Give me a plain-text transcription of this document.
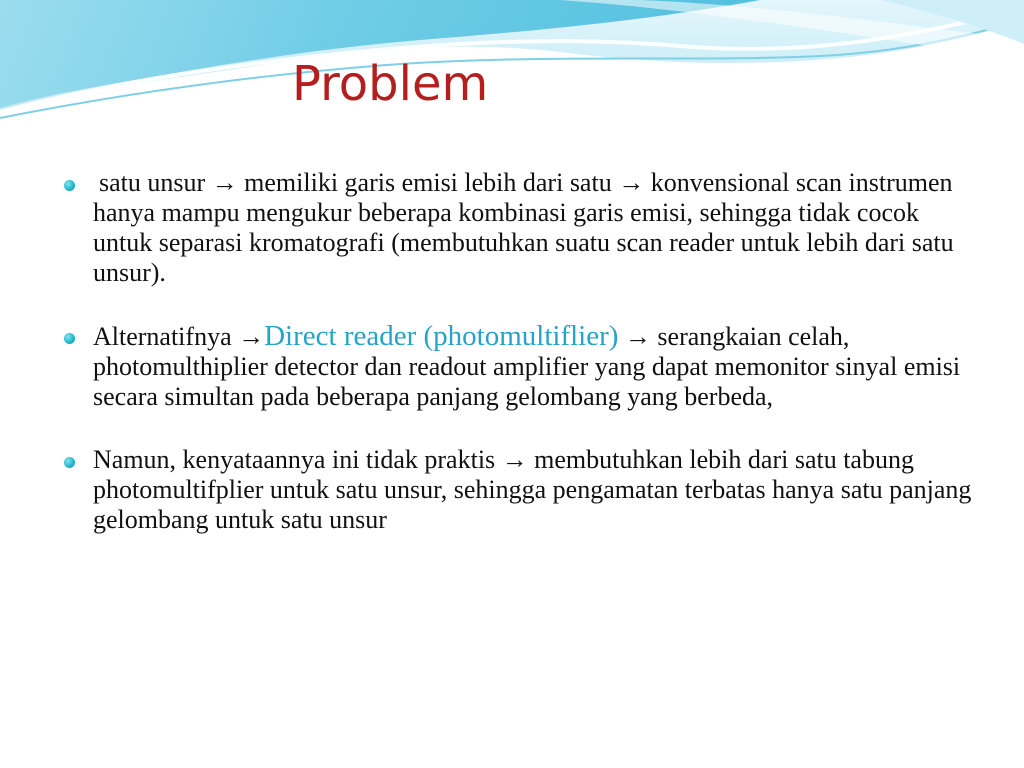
Problem
satu unsur → memiliki garis emisi lebih dari satu → konvensional scan instrumen hanya mampu mengukur beberapa kombinasi garis emisi, sehingga tidak cocok untuk separasi kromatografi (membutuhkan suatu scan reader untuk lebih dari satu unsur).
Alternatifnya →Direct reader (photomultiflier) → serangkaian celah, photomulthiplier detector dan readout amplifier yang dapat memonitor sinyal emisi secara simultan pada beberapa panjang gelombang yang berbeda,
Namun, kenyataannya ini tidak praktis → membutuhkan lebih dari satu tabung photomultifplier untuk satu unsur, sehingga pengamatan terbatas hanya satu panjang gelombang untuk satu unsur
